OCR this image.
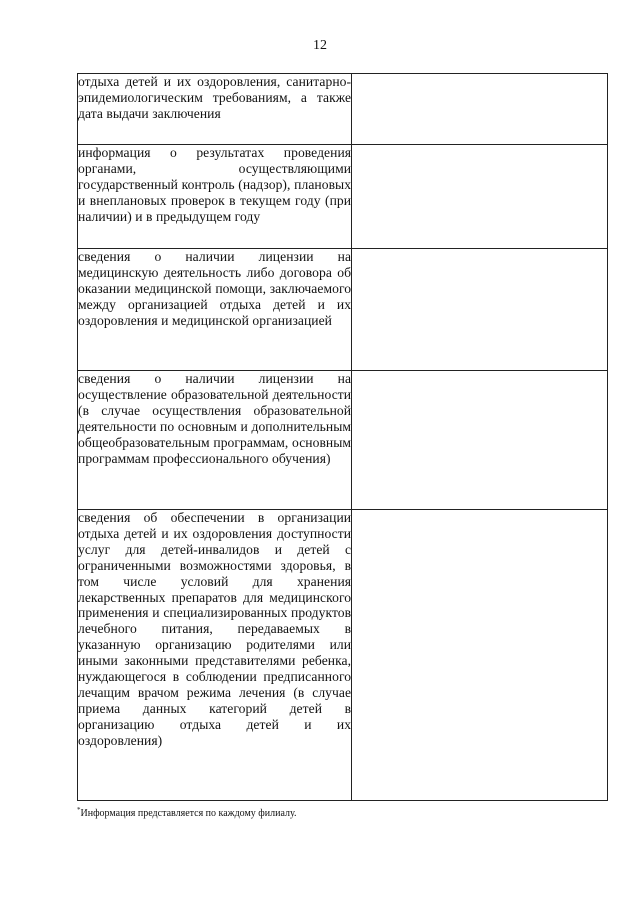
12
отдыха детей и их оздоровления, санитарно- эпидемиологическим требованиям, а также дата выдачи заключения	

информация о результатах проведения органами, осуществляющими государственный контроль (надзор), плановых и внеплановых проверок в текущем году (при наличии) и в предыдущем году	

сведения о наличии лицензии на медицинскую деятельность либо договора об оказании медицинской помощи, заключаемого между организацией отдыха детей и их оздоровления и медицинской организацией	

сведения о наличии лицензии на осуществление образовательной деятельности (в случае осуществления образовательной деятельности по основным и дополнительным общеобразовательным программам, основным программам профессионального обучения)	

сведения об обеспечении в организации отдыха детей и их оздоровления доступности услуг для детей-инвалидов и детей с ограниченными возможностями здоровья, в том числе условий для хранения лекарственных препаратов для медицинского применения и специализированных продуктов лечебного питания, передаваемых в указанную организацию родителями или иными законными представителями ребенка, нуждающегося в соблюдении предписанного лечащим врачом режима лечения (в случае приема данных категорий детей в организацию отдыха детей и их оздоровления)	

*Информация представляется по каждому филиалу.
